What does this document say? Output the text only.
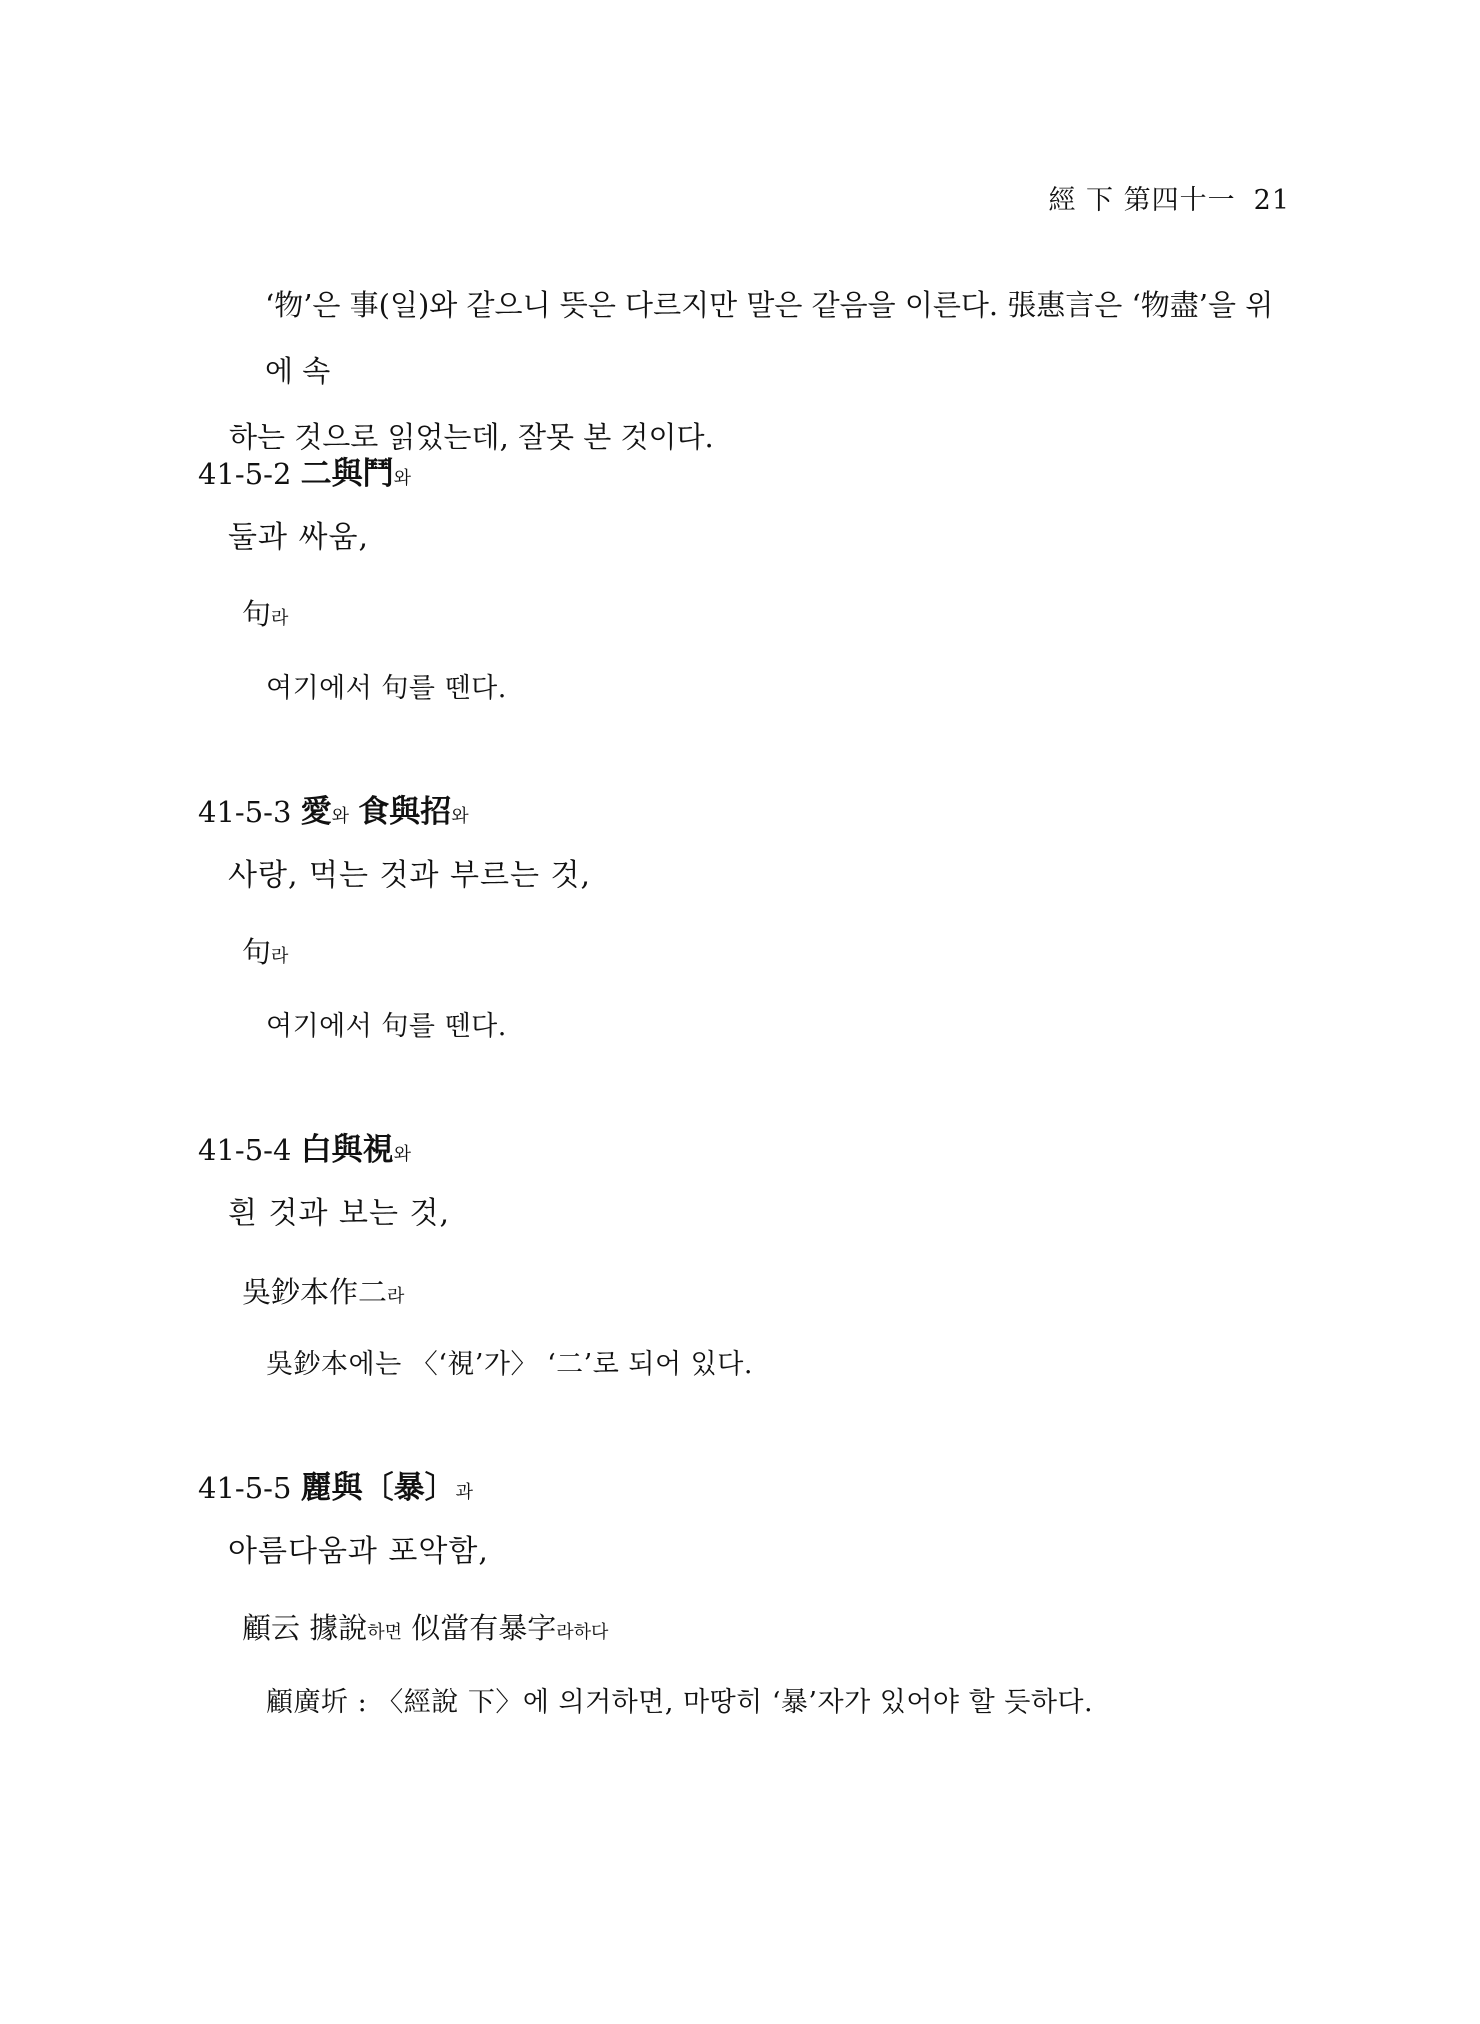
經 下 第四十一 21
‘物’은 事(일)와 같으니 뜻은 다르지만 말은 같음을 이른다. 張惠言은 ‘物盡’을 위에 속
하는 것으로 읽었는데, 잘못 본 것이다.
41-5-2 二與鬥와
둘과 싸움,
句라
여기에서 句를 뗀다.
41-5-3 愛와 食與招와
사랑, 먹는 것과 부르는 것,
句라
여기에서 句를 뗀다.
41-5-4 白與視와
흰 것과 보는 것,
吳鈔本作二라
吳鈔本에는 〈‘視’가〉 ‘二’로 되어 있다.
41-5-5 麗與〔暴〕과
아름다움과 포악함,
顧云 據說하면 似當有暴字라하다
顧廣圻 : 〈經說 下〉에 의거하면, 마땅히 ‘暴’자가 있어야 할 듯하다.
